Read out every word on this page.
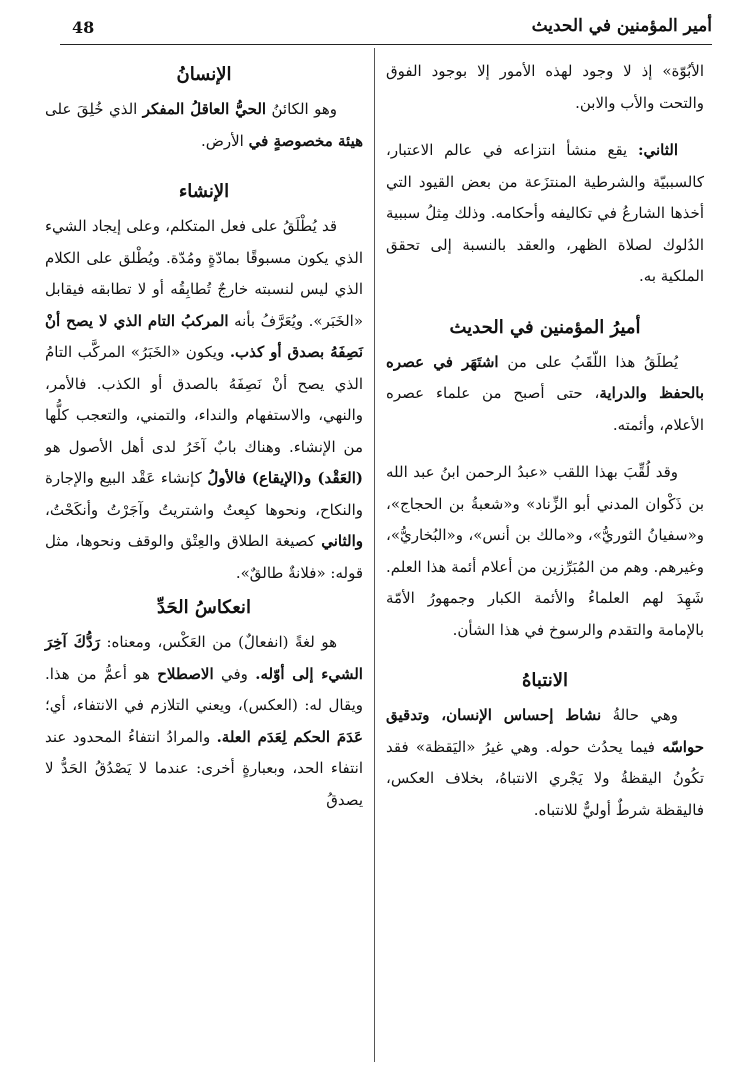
48	أمير المؤمنين في الحديث

الأبُوّة» إذ لا وجود لهذه الأمور إلا بوجود الفوق والتحت والأب والابن.

الثاني: يقع منشأ انتزاعه في عالم الاعتبار، كالسببيّة والشرطية المنتزَعة من بعض القيود التي أخذها الشارعُ في تكاليفه وأحكامه. وذلك مِثلُ سببية الدُلوك لصلاة الظهر، والعقد بالنسبة إلى تحقق الملكية به.

أميرُ المؤمنين في الحديث

يُطلَقُ هذا اللّقَبُ على من اشتَهَر في عصره بالحفظ والدراية، حتى أصبح من علماء عصره الأعلام، وأئمته.

وقد لُقِّبَ بهذا اللقب «عبدُ الرحمن ابنُ عبد الله بن ذَكْوان المدني أبو الزِّناد» و«شعبةُ بن الحجاج»، و«سفيانُ الثوريُّ»، و«مالك بن أنس»، و«البُخاريُّ»، وغيرهم. وهم من المُبَرِّزين من أعلام أئمة هذا العلم. شَهِدَ لهم العلماءُ والأئمة الكبار وجمهورُ الأمّة بالإمامة والتقدم والرسوخ في هذا الشأن.

الانتباهُ

وهي حالةُ نشاط إحساس الإنسان، وتدقيق حواسّه فيما يحدُث حوله. وهي غيرُ «اليَقظة» فقد تكُونُ اليقظةُ ولا يَجْري الانتباهُ، بخلاف العكس، فاليقظة شرطٌ أوليٌّ للانتباه.

الإنسانُ

وهو الكائنُ الحيُّ العاقلُ المفكر الذي خُلِقَ على هيئة مخصوصةٍ في الأرض.

الإنشاء

قد يُطْلَقُ على فعل المتكلم، وعلى إيجاد الشيء الذي يكون مسبوقًا بمادّةٍ ومُدّة. ويُطْلق على الكلام الذي ليس لنسبته خارجٌ تُطابِقُه أو لا تطابقه فيقابل «الخَبَر». ويُعَرَّفُ بأنه المركبُ التام الذي لا يصح أنْ نَصِفَهُ بصدق أو كذب. ويكون «الخَبَرُ» المركَّب التامُ الذي يصح أنْ نَصِفَهُ بالصدق أو الكذب. فالأمر، والنهي، والاستفهام والنداء، والتمني، والتعجب كلُّها من الإنشاء. وهناك بابٌ آخَرُ لدى أهل الأصول هو (العَقْد) و(الإيقاع) فالأولُ كإنشاء عَقْد البيع والإجارة والنكاح، ونحوها كبِعتُ واشتريتُ وآجَرْتُ وأنكَحْتُ، والثاني كصيغة الطلاق والعِتْق والوقف ونحوها، مثل قوله: «فلانةٌ طالقٌ».

انعكاسُ الحَدِّ

هو لغةً (انفعالٌ) من العَكْس، ومعناه: رَدُّكَ آخِرَ الشيء إلى أوّله. وفي الاصطلاح هو أعمُّ من هذا. ويقال له: (العكس)، ويعني التلازم في الانتفاء، أي؛ عَدَمَ الحكم لِعَدَم العلة. والمرادُ انتفاءُ المحدود عند انتفاء الحد، وبعبارةٍ أخرى: عندما لا يَصْدُقُ الحَدُّ لا يصدقُ
